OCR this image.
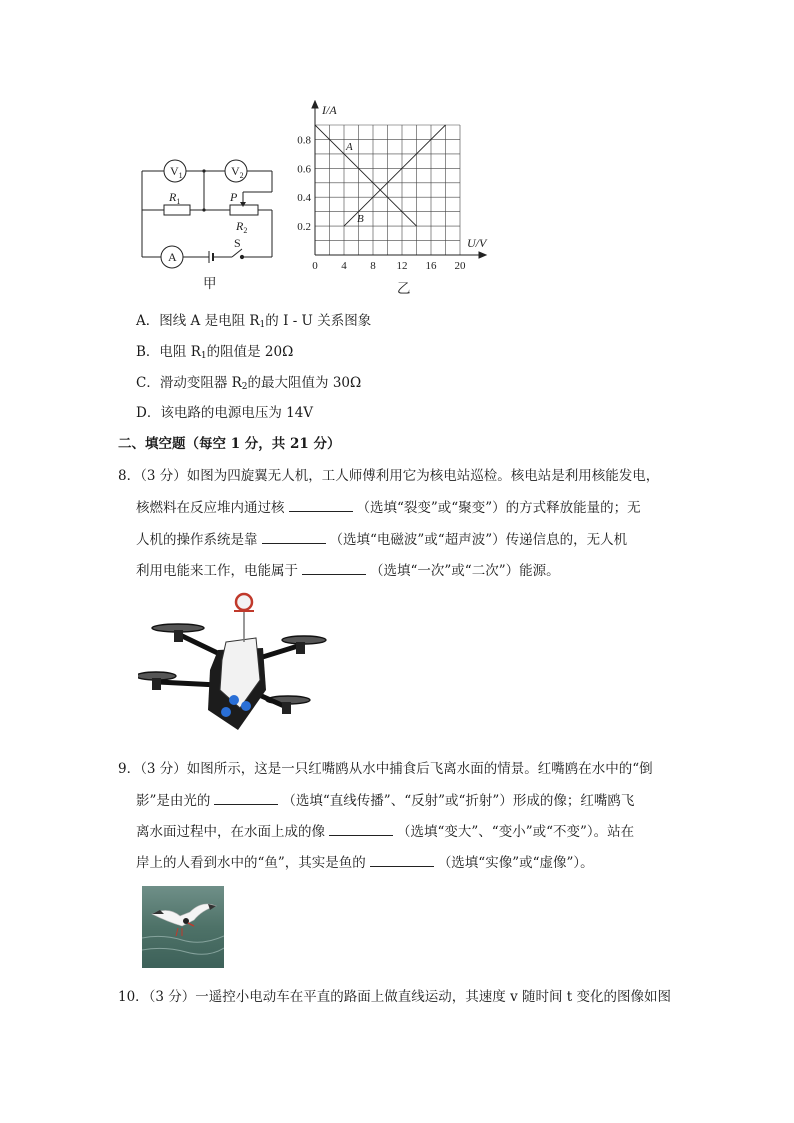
$V_1$	$V_2$
$R_1$
$R_2$
P
A
S
甲
0 4 8 12 16 20
0.8
0.6
0.4
0.2
I/A
U/V
A
B
乙
A．图线 A 是电阻 $R_1$的 I - U 关系图象
B．电阻 $R_1$的阻值是 20Ω
C．滑动变阻器 $R_2$的最大阻值为 30Ω
D．该电路的电源电压为 14V
二、填空题（每空 1 分，共 21 分）
8．（3 分）如图为四旋翼无人机，工人师傅利用它为核电站巡检。核电站是利用核能发电，
核燃料在反应堆内通过核	（选填“裂变”或“聚变”）的方式释放能量的；无
人机的操作系统是靠	（选填“电磁波”或“超声波”）传递信息的，无人机
利用电能来工作，电能属于	（选填“一次”或“二次”）能源。
9．（3 分）如图所示，这是一只红嘴鸥从水中捕食后飞离水面的情景。红嘴鸥在水中的“倒
影”是由光的	（选填“直线传播”、“反射”或“折射”）形成的像；红嘴鸥飞
离水面过程中，在水面上成的像	（选填“变大”、“变小”或“不变”）。站在
岸上的人看到水中的“鱼”，其实是鱼的	（选填“实像”或“虚像”）。
10．（3 分）一遥控小电动车在平直的路面上做直线运动，其速度 v 随时间 t 变化的图像如图
